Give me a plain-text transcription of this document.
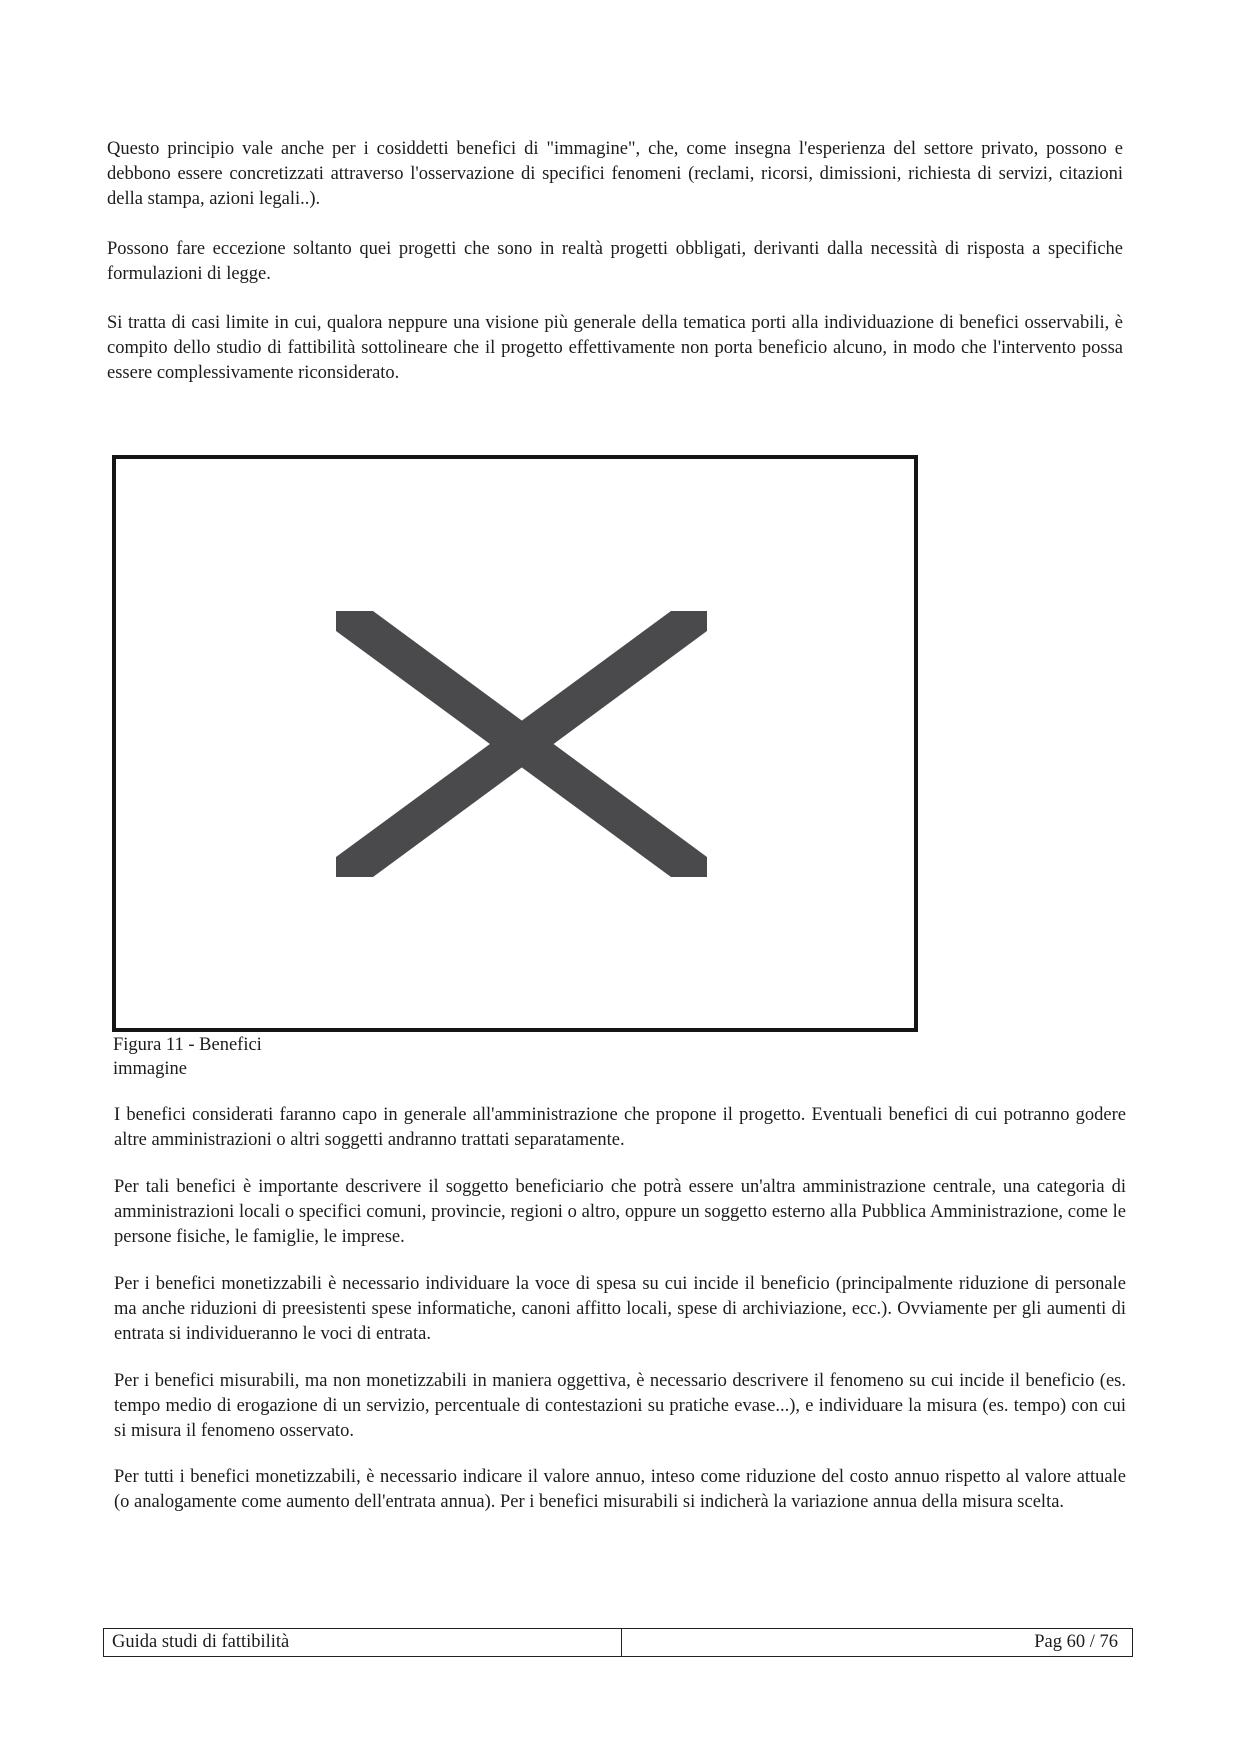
Questo principio vale anche per i cosiddetti benefici di "immagine", che, come insegna l'esperienza del settore privato, possono e debbono essere concretizzati attraverso l'osservazione di specifici fenomeni (reclami, ricorsi, dimissioni, richiesta di servizi, citazioni della stampa, azioni legali..).

Possono fare eccezione soltanto quei progetti che sono in realtà progetti obbligati, derivanti dalla necessità di risposta a specifiche formulazioni di legge.

Si tratta di casi limite in cui, qualora neppure una visione più generale della tematica porti alla individuazione di benefici osservabili, è compito dello studio di fattibilità sottolineare che il progetto effettivamente non porta beneficio alcuno, in modo che l'intervento possa essere complessivamente riconsiderato.

Figura 11 - Benefici immagine

I benefici considerati faranno capo in generale all'amministrazione che propone il progetto. Eventuali benefici di cui potranno godere altre amministrazioni o altri soggetti andranno trattati separatamente.

Per tali benefici è importante descrivere il soggetto beneficiario che potrà essere un'altra amministrazione centrale, una categoria di amministrazioni locali o specifici comuni, provincie, regioni o altro, oppure un soggetto esterno alla Pubblica Amministrazione, come le persone fisiche, le famiglie, le imprese.

Per i benefici monetizzabili è necessario individuare la voce di spesa su cui incide il beneficio (principalmente riduzione di personale ma anche riduzioni di preesistenti spese informatiche, canoni affitto locali, spese di archiviazione, ecc.). Ovviamente per gli aumenti di entrata si individueranno le voci di entrata.

Per i benefici misurabili, ma non monetizzabili in maniera oggettiva, è necessario descrivere il fenomeno su cui incide il beneficio (es. tempo medio di erogazione di un servizio, percentuale di contestazioni su pratiche evase...), e individuare la misura (es. tempo) con cui si misura il fenomeno osservato.

Per tutti i benefici monetizzabili, è necessario indicare il valore annuo, inteso come riduzione del costo annuo rispetto al valore attuale (o analogamente come aumento dell'entrata annua). Per i benefici misurabili si indicherà la variazione annua della misura scelta.

Guida studi di fattibilità	Pag 60 / 76
